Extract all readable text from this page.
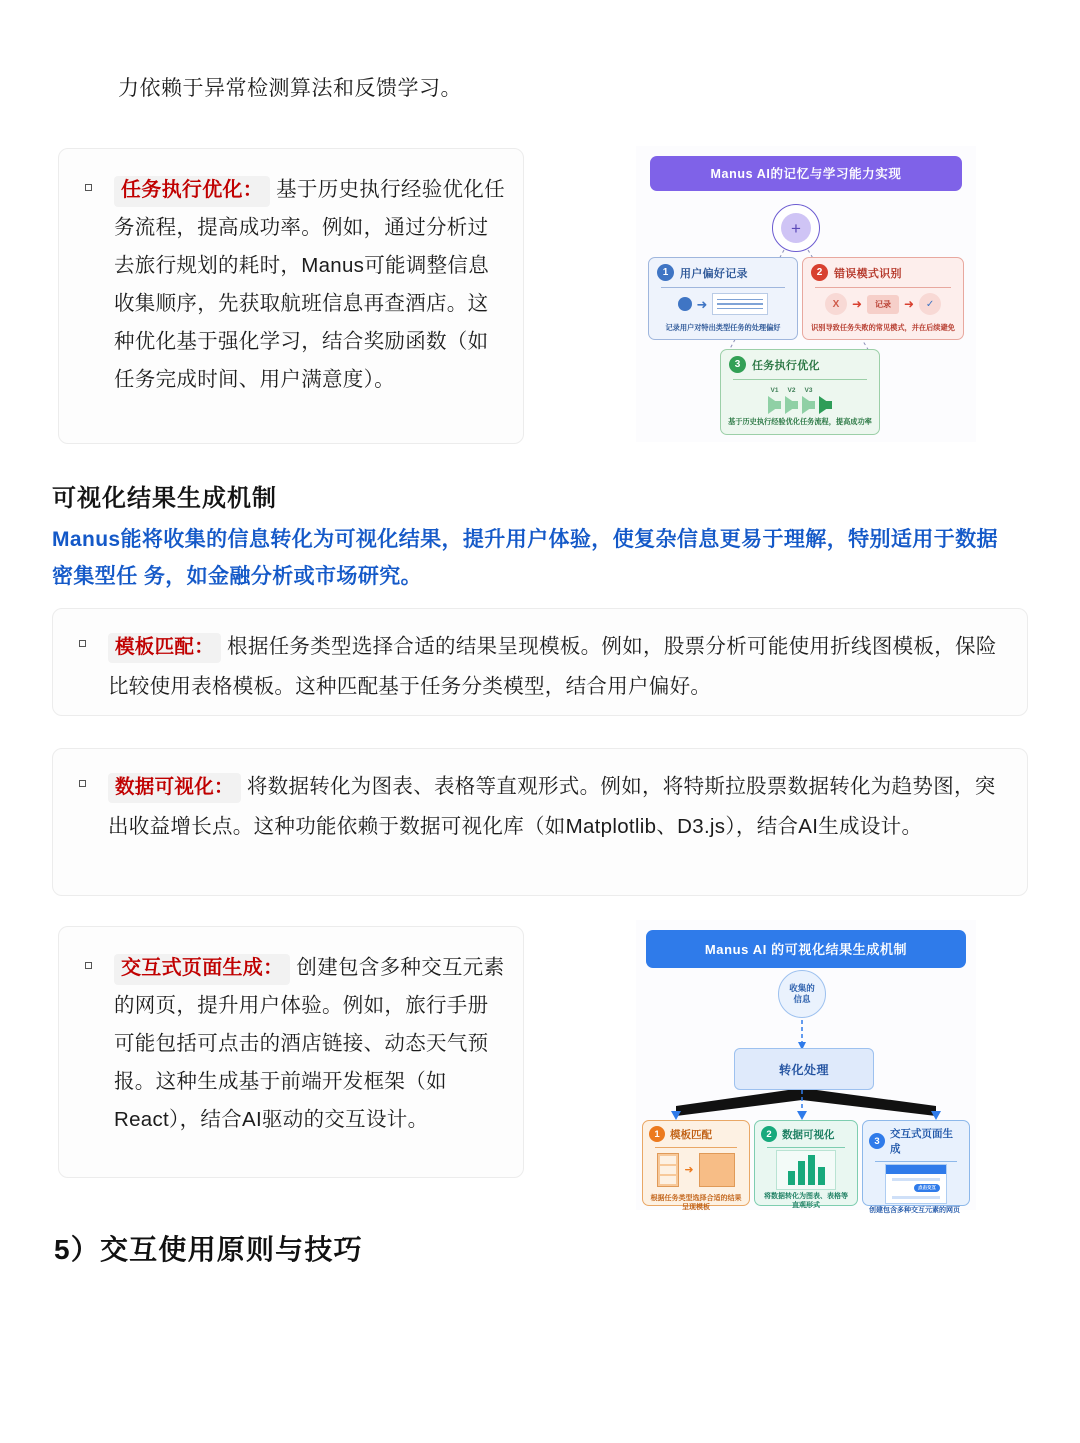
力依赖于异常检测算法和反馈学习。
任务执行优化： 基于历史执行经验优化任务流程，提高成功率。例如，通过分析过去旅行规划的耗时，Manus可能调整信息收集顺序，先获取航班信息再查酒店。这种优化基于强化学习，结合奖励函数（如任务完成时间、用户满意度）。
Manus AI的记忆与学习能力实现
+
1	用户偏好记录
➜
记录用户对特出类型任务的处理偏好
2	错误模式识别
X	➜	记录	➜	✓
识别导致任务失败的常见模式，并在后续避免
3	任务执行优化
V1 V2 V3

基于历史执行经验优化任务流程，提高成功率
可视化结果生成机制
Manus能将收集的信息转化为可视化结果，提升用户体验，使复杂信息更易于理解，特别适用于数据
密集型任 务，如金融分析或市场研究。
模板匹配： 根据任务类型选择合适的结果呈现模板。例如，股票分析可能使用折线图模板，保险比较使用表格模板。这种匹配基于任务分类模型，结合用户偏好。
数据可视化： 将数据转化为图表、表格等直观形式。例如，将特斯拉股票数据转化为趋势图，突出收益增长点。这种功能依赖于数据可视化库（如Matplotlib、D3.js），结合AI生成设计。
交互式页面生成： 创建包含多种交互元素的网页，提升用户体验。例如，旅行手册可能包括可点击的酒店链接、动态天气预报。这种生成基于前端开发框架（如React），结合AI驱动的交互设计。
Manus AI 的可视化结果生成机制
收集的
信息
转化处理
1 模板匹配
➜
根据任务类型选择合适的结果呈现模板
2 数据可视化
将数据转化为图表、表格等直观形式
3
交互式页面生成
点击交互
创建包含多种交互元素的网页
5）交互使用原则与技巧
